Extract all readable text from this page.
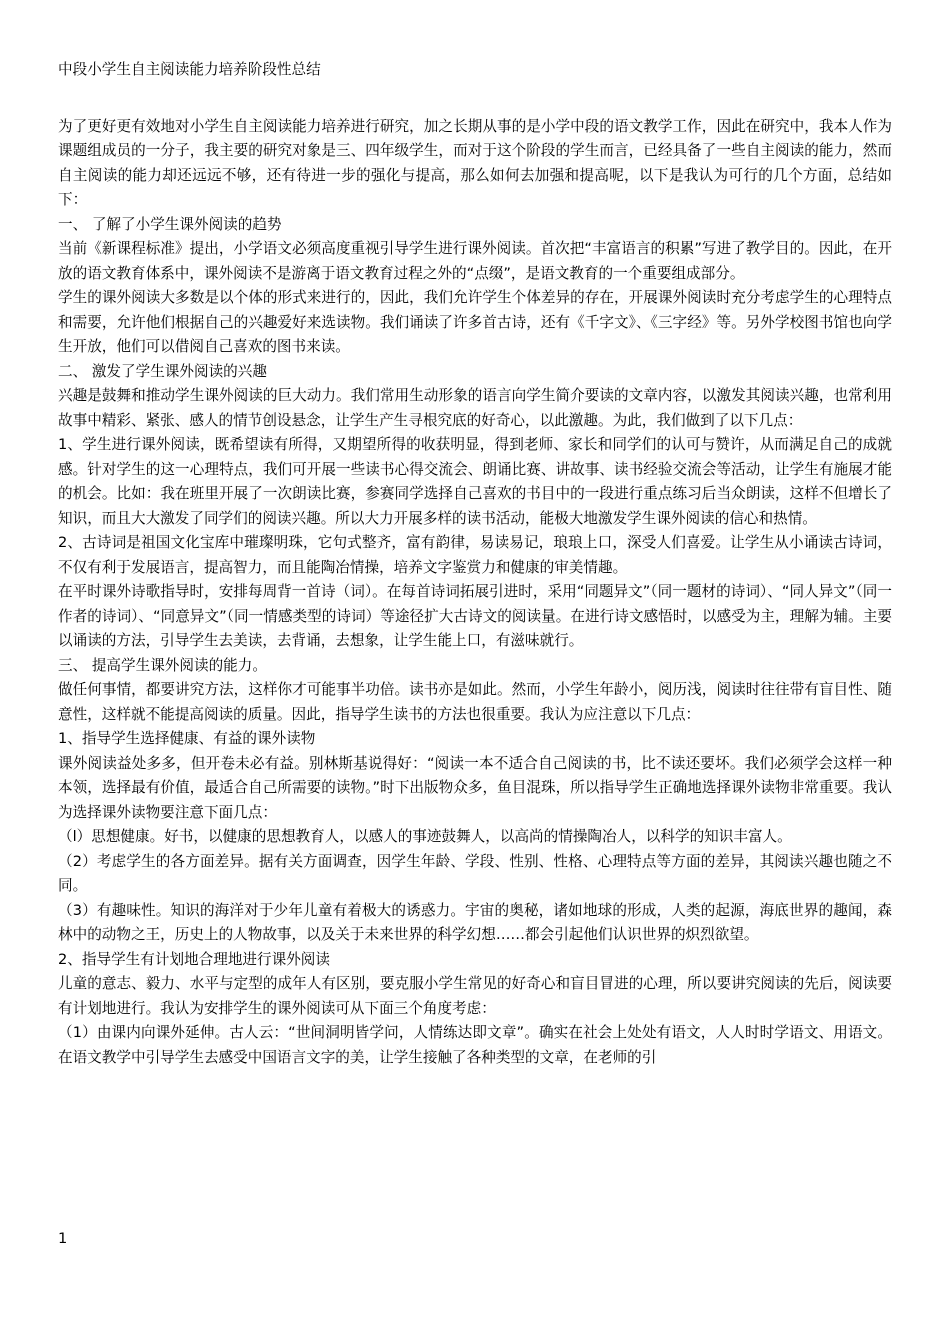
中段小学生自主阅读能力培养阶段性总结

为了更好更有效地对小学生自主阅读能力培养进行研究，加之长期从事的是小学中段的语文教学工作，因此在研究中，我本人作为课题组成员的一分子，我主要的研究对象是三、四年级学生，而对于这个阶段的学生而言，已经具备了一些自主阅读的能力，然而自主阅读的能力却还远远不够，还有待进一步的强化与提高，那么如何去加强和提高呢，以下是我认为可行的几个方面，总结如下：

一、 了解了小学生课外阅读的趋势

当前《新课程标准》提出，小学语文必须高度重视引导学生进行课外阅读。首次把“丰富语言的积累”写进了教学目的。因此，在开放的语文教育体系中，课外阅读不是游离于语文教育过程之外的“点缀”，是语文教育的一个重要组成部分。

学生的课外阅读大多数是以个体的形式来进行的，因此，我们允许学生个体差异的存在，开展课外阅读时充分考虑学生的心理特点和需要，允许他们根据自己的兴趣爱好来选读物。我们诵读了许多首古诗，还有《千字文》、《三字经》等。另外学校图书馆也向学生开放，他们可以借阅自己喜欢的图书来读。

二、 激发了学生课外阅读的兴趣

兴趣是鼓舞和推动学生课外阅读的巨大动力。我们常用生动形象的语言向学生简介要读的文章内容，以激发其阅读兴趣，也常利用故事中精彩、紧张、感人的情节创设悬念，让学生产生寻根究底的好奇心，以此激趣。为此，我们做到了以下几点：

1、学生进行课外阅读，既希望读有所得，又期望所得的收获明显，得到老师、家长和同学们的认可与赞许，从而满足自己的成就感。针对学生的这一心理特点，我们可开展一些读书心得交流会、朗诵比赛、讲故事、读书经验交流会等活动，让学生有施展才能的机会。比如：我在班里开展了一次朗读比赛，参赛同学选择自己喜欢的书目中的一段进行重点练习后当众朗读，这样不但增长了知识，而且大大激发了同学们的阅读兴趣。所以大力开展多样的读书活动，能极大地激发学生课外阅读的信心和热情。

2、古诗词是祖国文化宝库中璀璨明珠，它句式整齐，富有韵律，易读易记，琅琅上口，深受人们喜爱。让学生从小诵读古诗词，不仅有利于发展语言，提高智力，而且能陶冶情操，培养文字鉴赏力和健康的审美情趣。

在平时课外诗歌指导时，安排每周背一首诗（词）。在每首诗词拓展引进时，采用“同题异文”（同一题材的诗词）、“同人异文”（同一作者的诗词）、“同意异文”（同一情感类型的诗词）等途径扩大古诗文的阅读量。在进行诗文感悟时，以感受为主，理解为辅。主要以诵读的方法，引导学生去美读，去背诵，去想象，让学生能上口，有滋味就行。

三、 提高学生课外阅读的能力。

做任何事情，都要讲究方法，这样你才可能事半功倍。读书亦是如此。然而，小学生年龄小，阅历浅，阅读时往往带有盲目性、随意性，这样就不能提高阅读的质量。因此，指导学生读书的方法也很重要。我认为应注意以下几点：

1、指导学生选择健康、有益的课外读物

课外阅读益处多多，但开卷未必有益。别林斯基说得好：“阅读一本不适合自己阅读的书，比不读还要坏。我们必须学会这样一种本领，选择最有价值，最适合自己所需要的读物。”时下出版物众多，鱼目混珠，所以指导学生正确地选择课外读物非常重要。我认为选择课外读物要注意下面几点：

（l）思想健康。好书，以健康的思想教育人，以感人的事迹鼓舞人，以高尚的情操陶冶人，以科学的知识丰富人。

（2）考虑学生的各方面差异。据有关方面调查，因学生年龄、学段、性别、性格、心理特点等方面的差异，其阅读兴趣也随之不同。

（3）有趣味性。知识的海洋对于少年儿童有着极大的诱惑力。宇宙的奥秘，诸如地球的形成，人类的起源，海底世界的趣闻，森林中的动物之王，历史上的人物故事，以及关于未来世界的科学幻想……都会引起他们认识世界的炽烈欲望。

2、指导学生有计划地合理地进行课外阅读

儿童的意志、毅力、水平与定型的成年人有区别，要克服小学生常见的好奇心和盲目冒进的心理，所以要讲究阅读的先后，阅读要有计划地进行。我认为安排学生的课外阅读可从下面三个角度考虑：

（1）由课内向课外延伸。古人云：“世间洞明皆学问，人情练达即文章”。确实在社会上处处有语文，人人时时学语文、用语文。在语文教学中引导学生去感受中国语言文字的美，让学生接触了各种类型的文章，在老师的引

1
